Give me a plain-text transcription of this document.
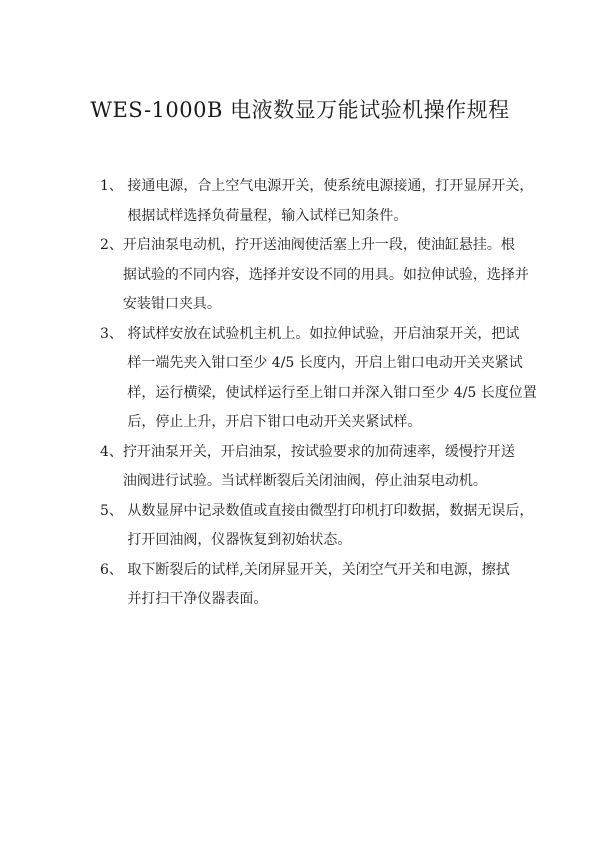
WES-1000B 电液数显万能试验机操作规程
1、 接通电源，合上空气电源开关，使系统电源接通，打开显屏开关，
根据试样选择负荷量程，输入试样已知条件。
2、 开启油泵电动机，拧开送油阀使活塞上升一段，使油缸悬挂。根
据试验的不同内容，选择并安设不同的用具。如拉伸试验，选择并
安装钳口夹具。
3、 将试样安放在试验机主机上。如拉伸试验，开启油泵开关，把试
样一端先夹入钳口至少 4/5 长度内，开启上钳口电动开关夹紧试
样，运行横梁，使试样运行至上钳口并深入钳口至少 4/5 长度位置
后，停止上升，开启下钳口电动开关夹紧试样。
4、 拧开油泵开关，开启油泵，按试验要求的加荷速率，缓慢拧开送
油阀进行试验。当试样断裂后关闭油阀，停止油泵电动机。
5、 从数显屏中记录数值或直接由微型打印机打印数据，数据无误后，
打开回油阀，仪器恢复到初始状态。
6、 取下断裂后的试样,关闭屏显开关，关闭空气开关和电源，擦拭
并打扫干净仪器表面。
